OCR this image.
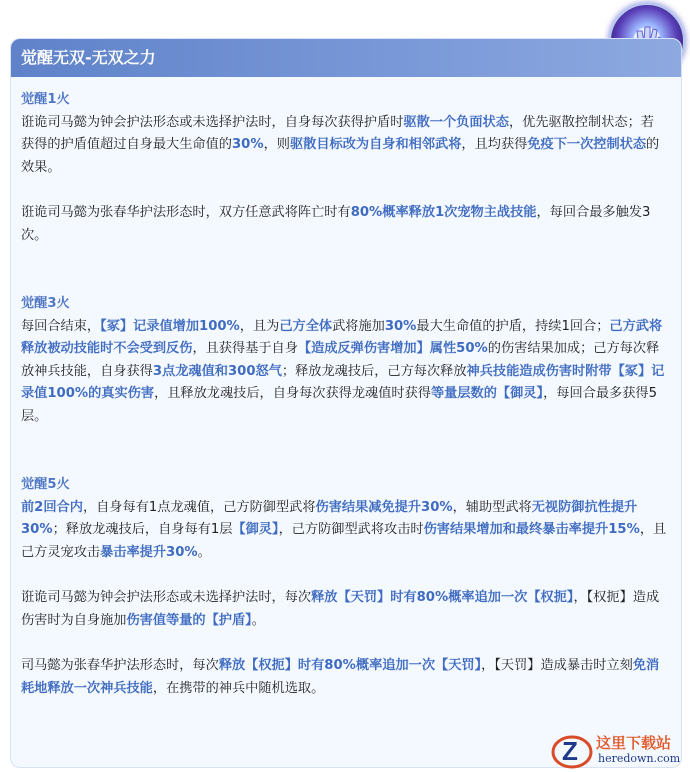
觉醒无双-无双之力
觉醒1火
诳诡司马懿为钟会护法形态或未选择护法时，自身每次获得护盾时驱散一个负面状态，优先驱散控制状态；若获得的护盾值超过自身最大生命值的30%，则驱散目标改为自身和相邻武将，且均获得免疫下一次控制状态的效果。
诳诡司马懿为张春华护法形态时，双方任意武将阵亡时有80%概率释放1次宠物主战技能，每回合最多触发3次。
觉醒3火
每回合结束，【冢】记录值增加100%，且为己方全体武将施加30%最大生命值的护盾，持续1回合；己方武将释放被动技能时不会受到反伤，且获得基于自身【造成反弹伤害增加】属性50%的伤害结果加成；己方每次释放神兵技能，自身获得3点龙魂值和300怒气；释放龙魂技后，己方每次释放神兵技能造成伤害时附带【冢】记录值100%的真实伤害，且释放龙魂技后，自身每次获得龙魂值时获得等量层数的【御灵】，每回合最多获得5层。
觉醒5火
前2回合内，自身每有1点龙魂值，己方防御型武将伤害结果减免提升30%，辅助型武将无视防御抗性提升30%；释放龙魂技后，自身每有1层【御灵】，己方防御型武将攻击时伤害结果增加和最终暴击率提升15%，且己方灵宠攻击暴击率提升30%。
诳诡司马懿为钟会护法形态或未选择护法时，每次释放【天罚】时有80%概率追加一次【权扼】，【权扼】造成伤害时为自身施加伤害值等量的【护盾】。
司马懿为张春华护法形态时，每次释放【权扼】时有80%概率追加一次【天罚】，【天罚】造成暴击时立刻免消耗地释放一次神兵技能，在携带的神兵中随机选取。
Z 这里下载站
heredown.com
